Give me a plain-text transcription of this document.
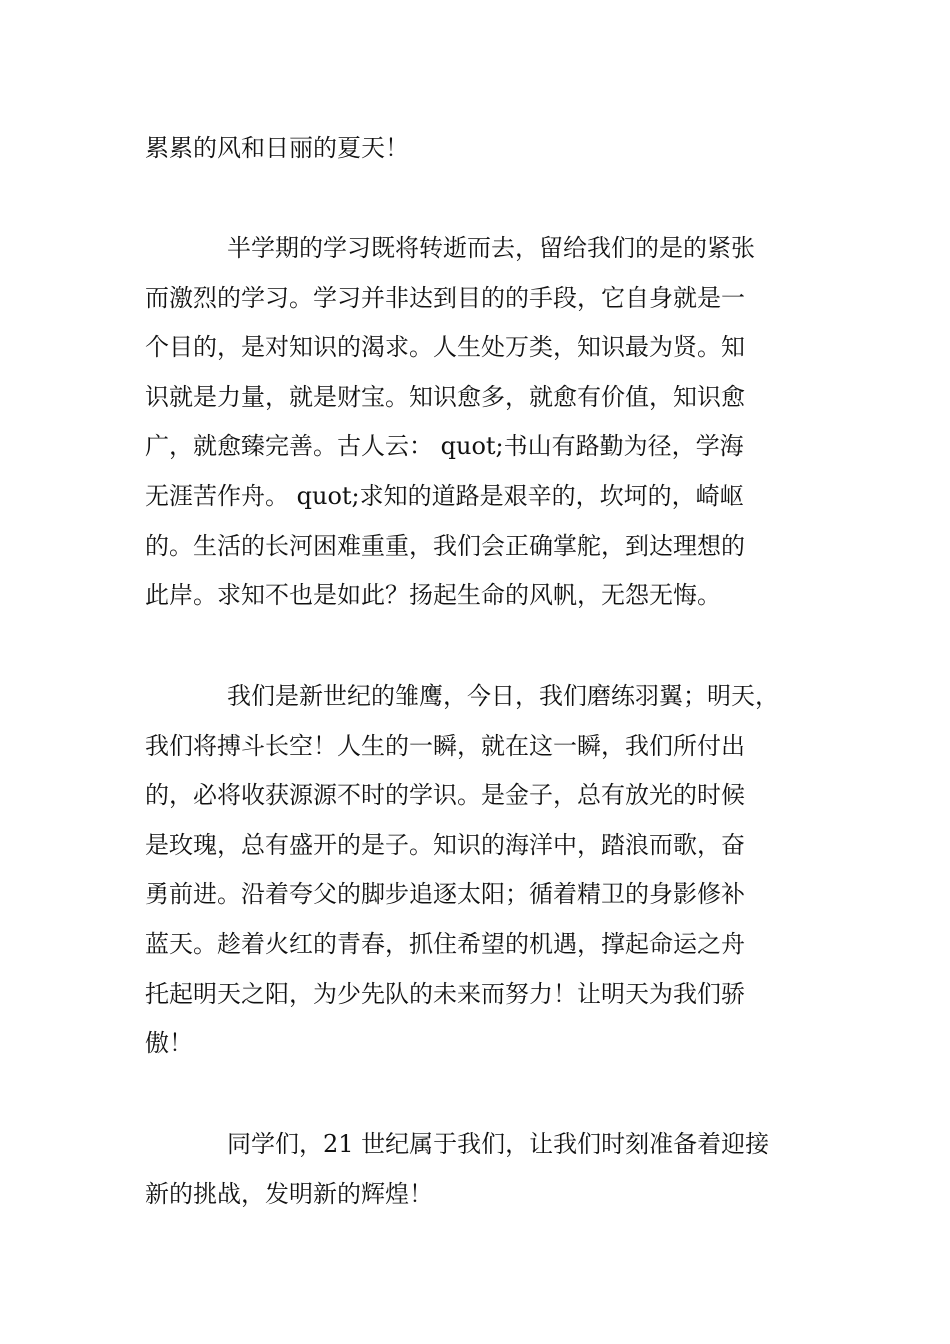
累累的风和日丽的夏天！
半学期的学习既将转逝而去，留给我们的是的紧张
而激烈的学习。学习并非达到目的的手段，它自身就是一
个目的，是对知识的渴求。人生处万类，知识最为贤。知
识就是力量，就是财宝。知识愈多，就愈有价值，知识愈
广，就愈臻完善。古人云： quot;书山有路勤为径，学海
无涯苦作舟。 quot;求知的道路是艰辛的，坎坷的，崎岖
的。生活的长河困难重重，我们会正确掌舵，到达理想的
此岸。求知不也是如此？扬起生命的风帆，无怨无悔。
我们是新世纪的雏鹰，今日，我们磨练羽翼；明天，
我们将搏斗长空！人生的一瞬，就在这一瞬，我们所付出
的，必将收获源源不时的学识。是金子，总有放光的时候
是玫瑰，总有盛开的是子。知识的海洋中，踏浪而歌，奋
勇前进。沿着夸父的脚步追逐太阳；循着精卫的身影修补
蓝天。趁着火红的青春，抓住希望的机遇，撑起命运之舟
托起明天之阳，为少先队的未来而努力！让明天为我们骄
傲！
同学们，21 世纪属于我们，让我们时刻准备着迎接
新的挑战，发明新的辉煌！
